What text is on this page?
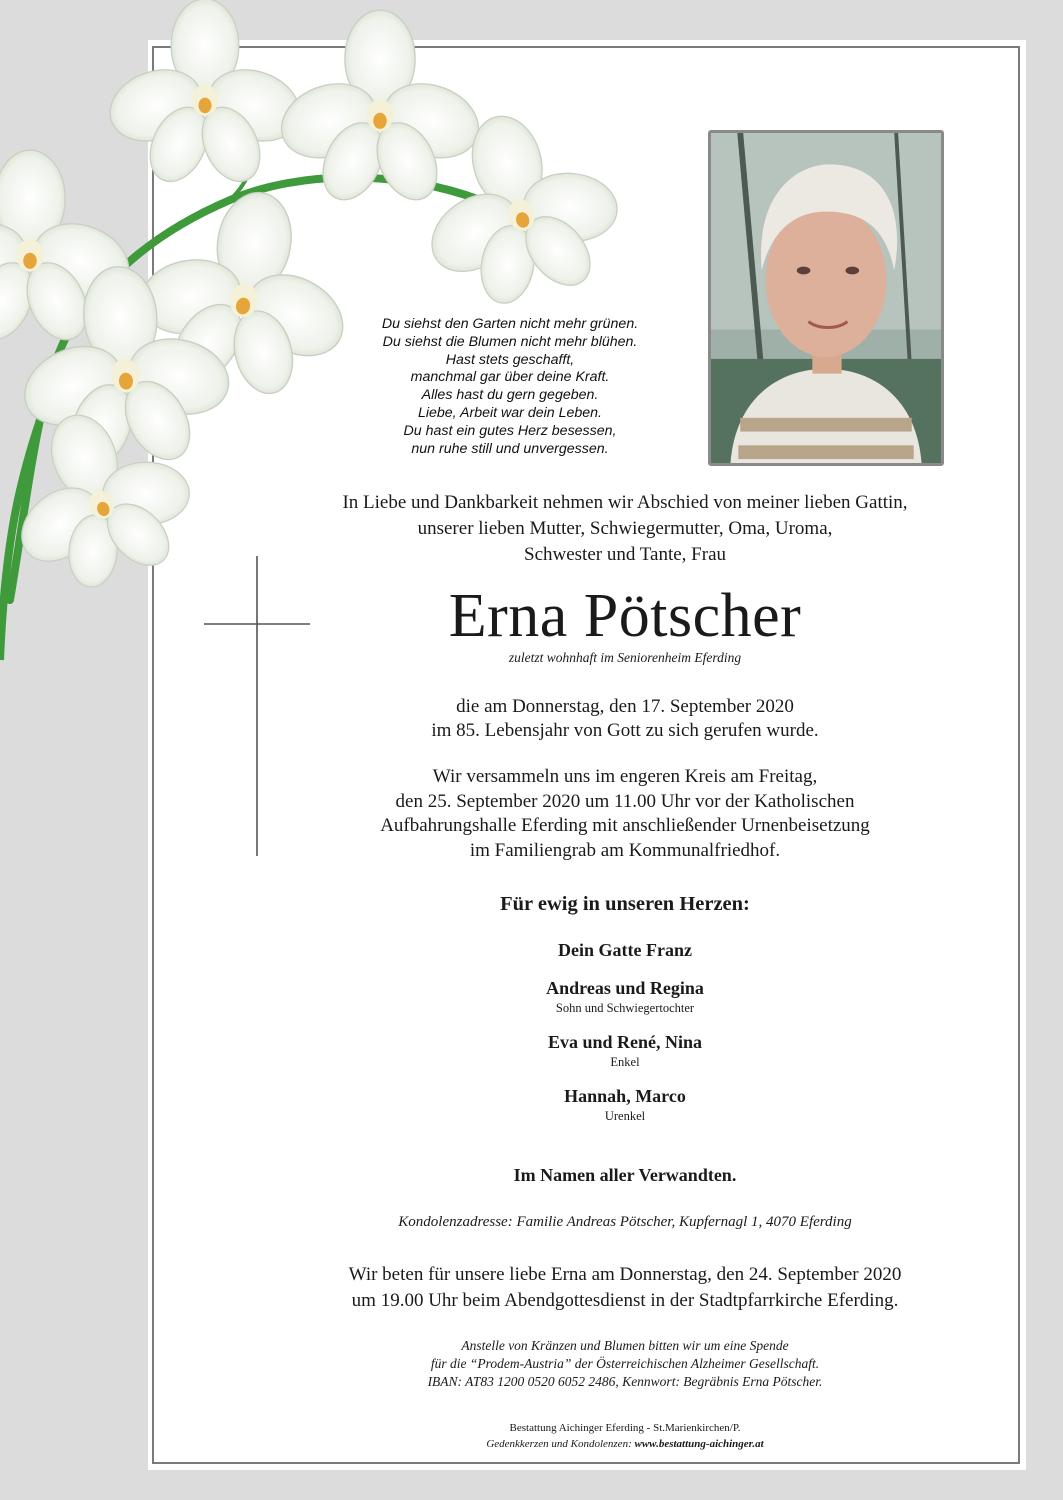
Du siehst den Garten nicht mehr grünen.
Du siehst die Blumen nicht mehr blühen.
Hast stets geschafft,
manchmal gar über deine Kraft.
Alles hast du gern gegeben.
Liebe, Arbeit war dein Leben.
Du hast ein gutes Herz besessen,
nun ruhe still und unvergessen.
In Liebe und Dankbarkeit nehmen wir Abschied von meiner lieben Gattin,
unserer lieben Mutter, Schwiegermutter, Oma, Uroma,
Schwester und Tante, Frau
Erna Pötscher
zuletzt wohnhaft im Seniorenheim Eferding
die am Donnerstag, den 17. September 2020
im 85. Lebensjahr von Gott zu sich gerufen wurde.
Wir versammeln uns im engeren Kreis am Freitag,
den 25. September 2020 um 11.00 Uhr vor der Katholischen
Aufbahrungshalle Eferding mit anschließender Urnenbeisetzung
im Familiengrab am Kommunalfriedhof.
Für ewig in unseren Herzen:
Dein Gatte Franz
Andreas und Regina
Sohn und Schwiegertochter
Eva und René, Nina
Enkel
Hannah, Marco
Urenkel
Im Namen aller Verwandten.
Kondolenzadresse: Familie Andreas Pötscher, Kupfernagl 1, 4070 Eferding
Wir beten für unsere liebe Erna am Donnerstag, den 24. September 2020
um 19.00 Uhr beim Abendgottesdienst in der Stadtpfarrkirche Eferding.
Anstelle von Kränzen und Blumen bitten wir um eine Spende
für die “Prodem-Austria” der Österreichischen Alzheimer Gesellschaft.
IBAN: AT83 1200 0520 6052 2486, Kennwort: Begräbnis Erna Pötscher.
Bestattung Aichinger Eferding - St.Marienkirchen/P.
Gedenkkerzen und Kondolenzen: www.bestattung-aichinger.at
